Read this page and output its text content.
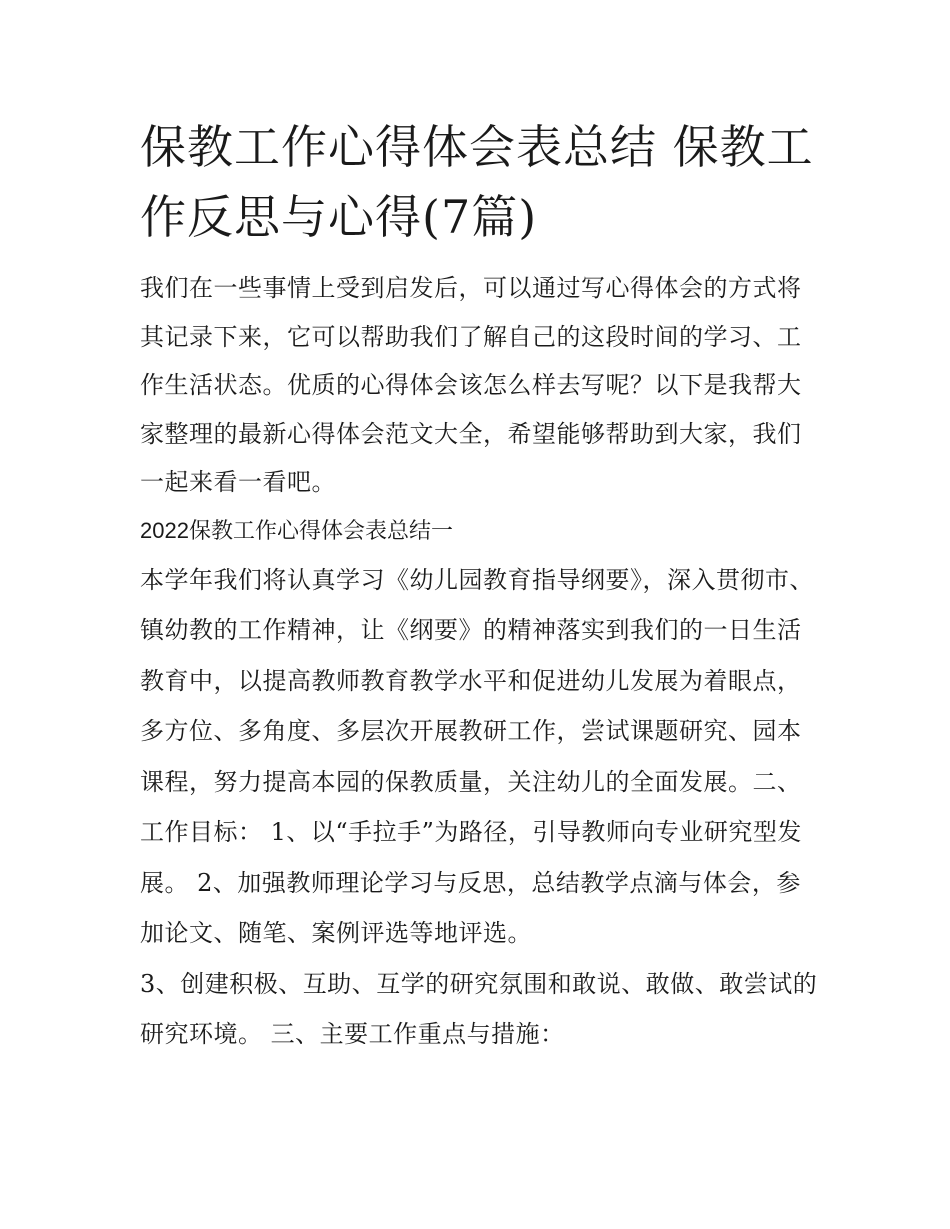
保教工作心得体会表总结 保教工作反思与心得(7篇)

我们在一些事情上受到启发后，可以通过写心得体会的方式将其记录下来，它可以帮助我们了解自己的这段时间的学习、工作生活状态。优质的心得体会该怎么样去写呢？以下是我帮大家整理的最新心得体会范文大全，希望能够帮助到大家，我们一起来看一看吧。

2022保教工作心得体会表总结一

本学年我们将认真学习《幼儿园教育指导纲要》，深入贯彻市、镇幼教的工作精神，让《纲要》的精神落实到我们的一日生活教育中，以提高教师教育教学水平和促进幼儿发展为着眼点，多方位、多角度、多层次开展教研工作，尝试课题研究、园本课程，努力提高本园的保教质量，关注幼儿的全面发展。二、工作目标： 1、以“手拉手”为路径，引导教师向专业研究型发展。 2、加强教师理论学习与反思，总结教学点滴与体会，参加论文、随笔、案例评选等地评选。

3、创建积极、互助、互学的研究氛围和敢说、敢做、敢尝试的研究环境。 三、主要工作重点与措施：
